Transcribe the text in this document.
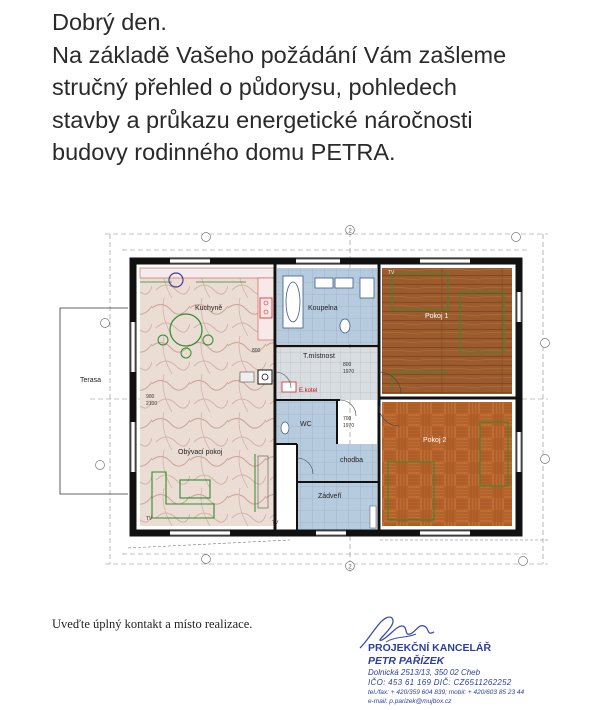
Dobrý den.
Na základě Vašeho požádání Vám zašleme
stručný přehled o půdorysu, pohledech
stavby a průkazu energetické náročnosti
budovy rodinného domu PETRA.
2
2
Terasa
Koupelna
T.místnost
E.kotel
WC
chodba
Zádveří
Pokoj 1
Pokoj 2
Kuchyně
Obývací pokoj
800
900
2100
700
1970
800
1970
TV
TV
TV
Uveďte úplný kontakt a místo realizace.
PROJEKČNÍ KANCELÁŘ
PETR PAŘÍZEK
Dolnická 2513/13, 350 02 Cheb
IČO: 453 61 169 DIČ: CZ6511262252
tel./fax: + 420/359 604 839; mobil: + 420/603 85 23 44
e-mail: p.parizek@mujbox.cz
